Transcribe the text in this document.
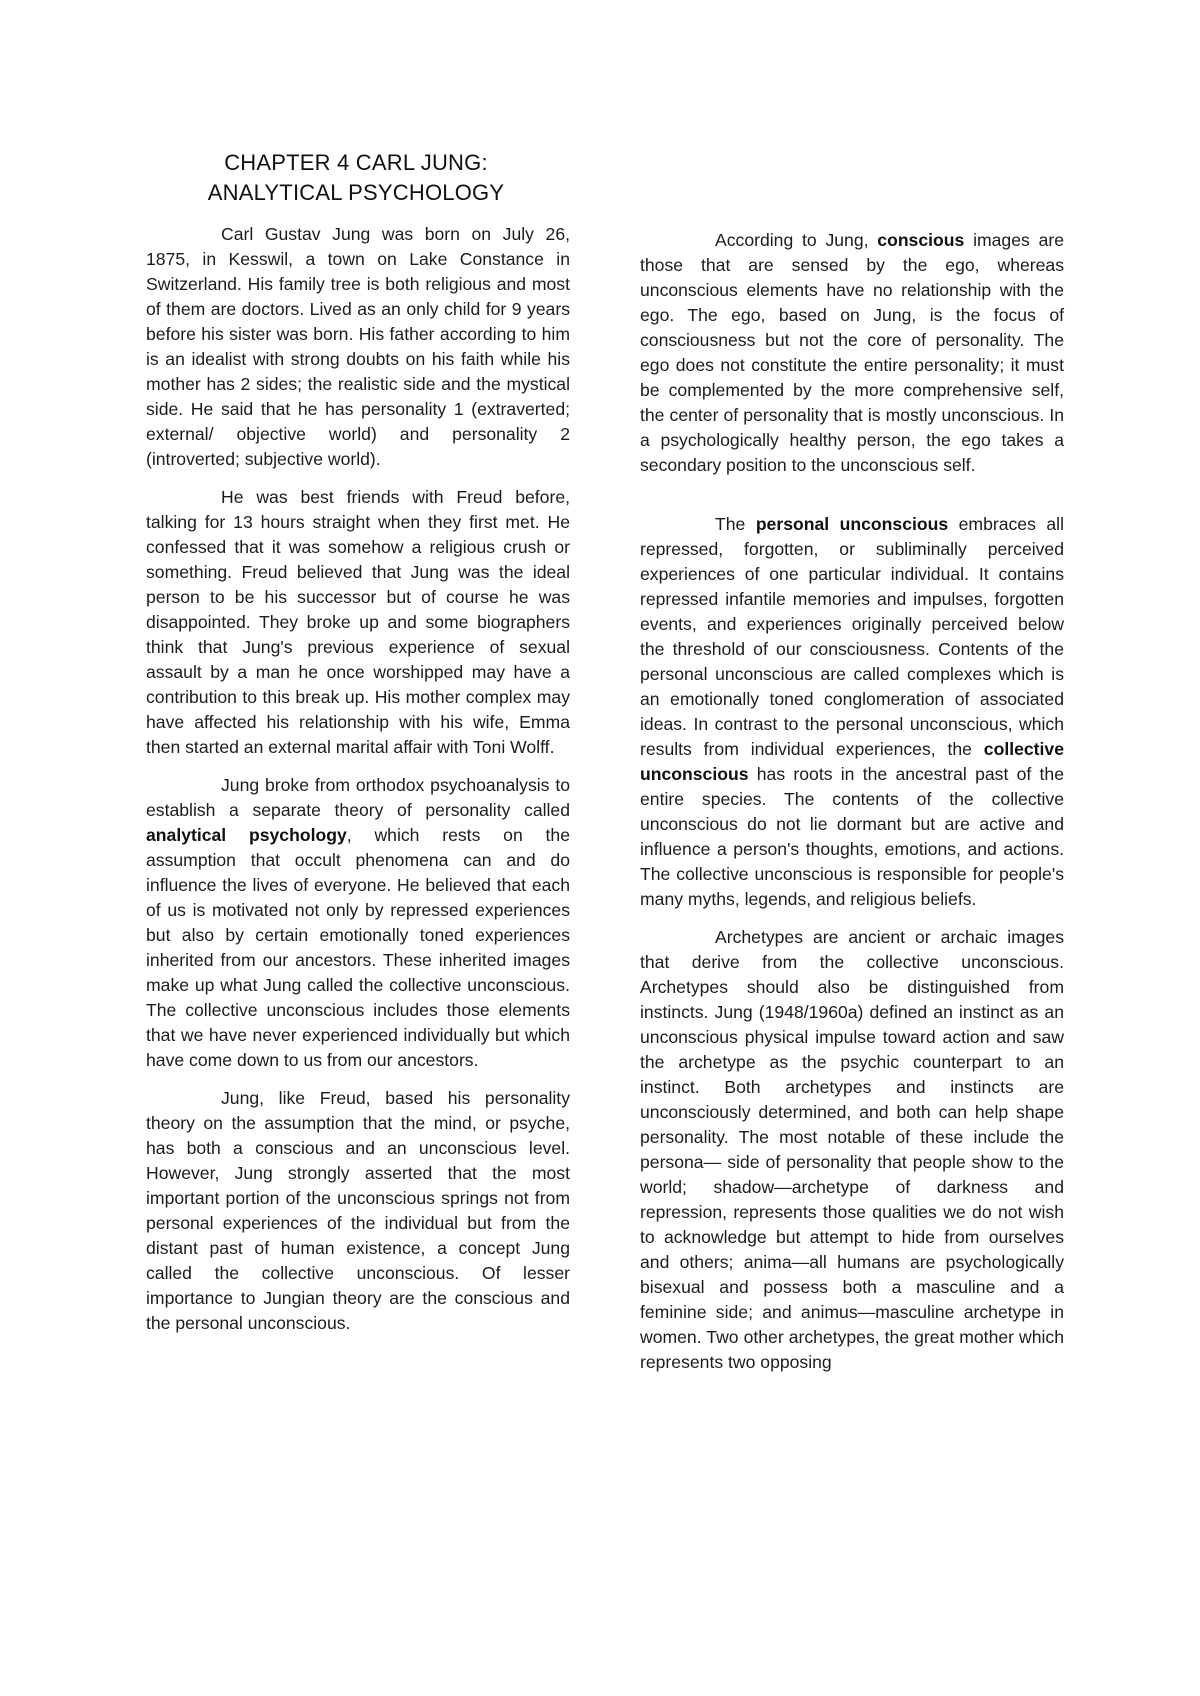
CHAPTER 4 CARL JUNG:
ANALYTICAL PSYCHOLOGY

Carl Gustav Jung was born on July 26, 1875, in Kesswil, a town on Lake Constance in Switzerland. His family tree is both religious and most of them are doctors. Lived as an only child for 9 years before his sister was born. His father according to him is an idealist with strong doubts on his faith while his mother has 2 sides; the realistic side and the mystical side. He said that he has personality 1 (extraverted; external/ objective world) and personality 2 (introverted; subjective world).

He was best friends with Freud before, talking for 13 hours straight when they first met. He confessed that it was somehow a religious crush or something. Freud believed that Jung was the ideal person to be his successor but of course he was disappointed. They broke up and some biographers think that Jung's previous experience of sexual assault by a man he once worshipped may have a contribution to this break up. His mother complex may have affected his relationship with his wife, Emma then started an external marital affair with Toni Wolff.

Jung broke from orthodox psychoanalysis to establish a separate theory of personality called analytical psychology, which rests on the assumption that occult phenomena can and do influence the lives of everyone. He believed that each of us is motivated not only by repressed experiences but also by certain emotionally toned experiences inherited from our ancestors. These inherited images make up what Jung called the collective unconscious. The collective unconscious includes those elements that we have never experienced individually but which have come down to us from our ancestors.

Jung, like Freud, based his personality theory on the assumption that the mind, or psyche, has both a conscious and an unconscious level. However, Jung strongly asserted that the most important portion of the unconscious springs not from personal experiences of the individual but from the distant past of human existence, a concept Jung called the collective unconscious. Of lesser importance to Jungian theory are the conscious and the personal unconscious.

According to Jung, conscious images are those that are sensed by the ego, whereas unconscious elements have no relationship with the ego. The ego, based on Jung, is the focus of consciousness but not the core of personality. The ego does not constitute the entire personality; it must be complemented by the more comprehensive self, the center of personality that is mostly unconscious. In a psychologically healthy person, the ego takes a secondary position to the unconscious self.

The personal unconscious embraces all repressed, forgotten, or subliminally perceived experiences of one particular individual. It contains repressed infantile memories and impulses, forgotten events, and experiences originally perceived below the threshold of our consciousness. Contents of the personal unconscious are called complexes which is an emotionally toned conglomeration of associated ideas. In contrast to the personal unconscious, which results from individual experiences, the collective unconscious has roots in the ancestral past of the entire species. The contents of the collective unconscious do not lie dormant but are active and influence a person's thoughts, emotions, and actions. The collective unconscious is responsible for people's many myths, legends, and religious beliefs.

Archetypes are ancient or archaic images that derive from the collective unconscious. Archetypes should also be distinguished from instincts. Jung (1948/1960a) defined an instinct as an unconscious physical impulse toward action and saw the archetype as the psychic counterpart to an instinct. Both archetypes and instincts are unconsciously determined, and both can help shape personality. The most notable of these include the persona— side of personality that people show to the world; shadow—archetype of darkness and repression, represents those qualities we do not wish to acknowledge but attempt to hide from ourselves and others; anima—all humans are psychologically bisexual and possess both a masculine and a feminine side; and animus—masculine archetype in women. Two other archetypes, the great mother which represents two opposing
